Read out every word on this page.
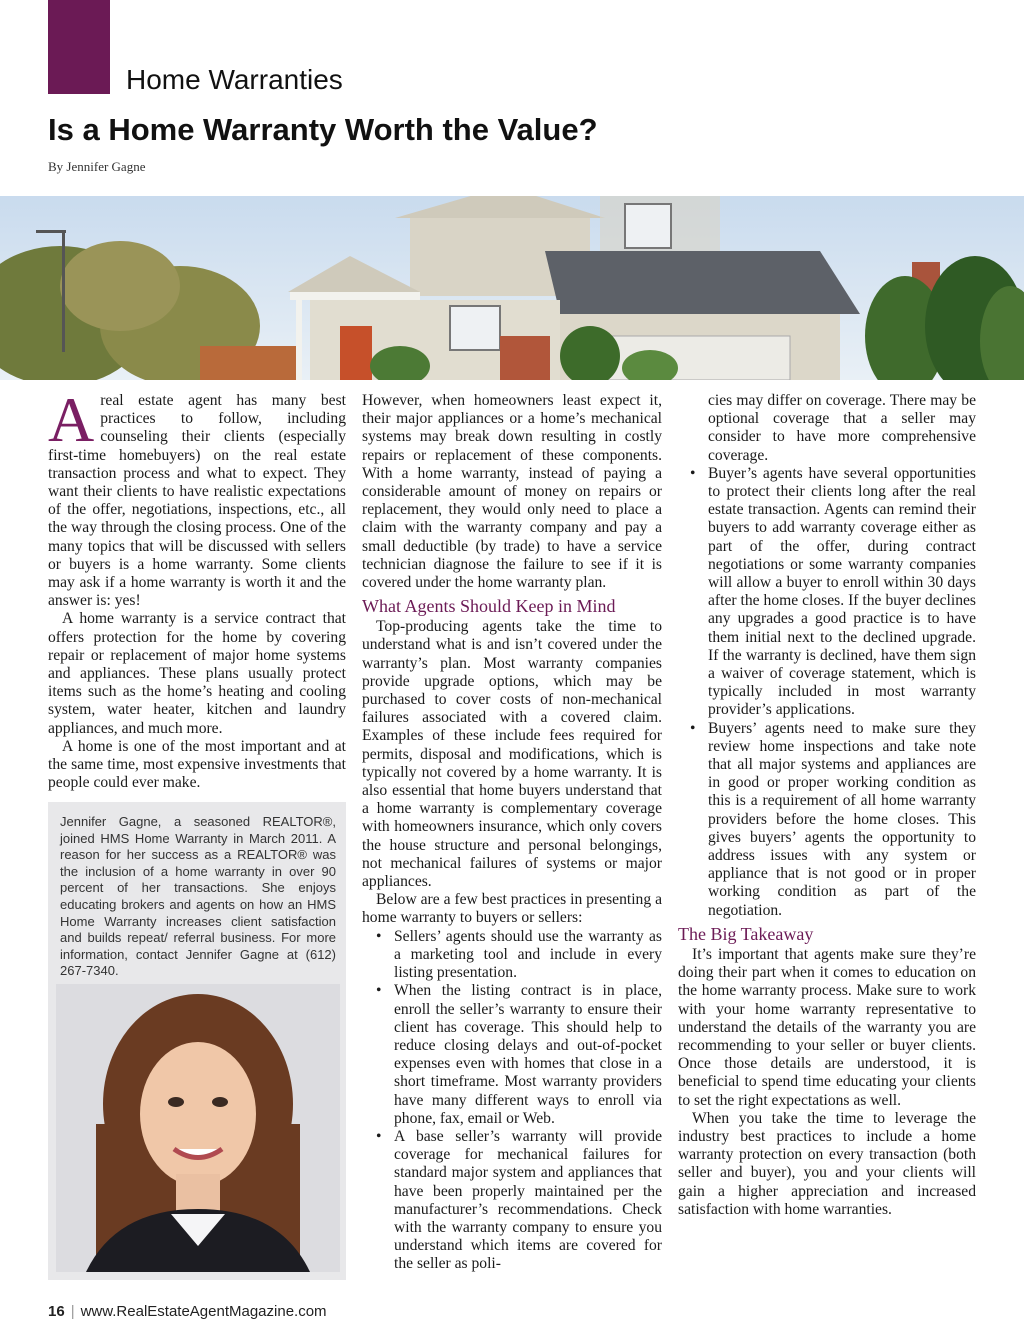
Home Warranties
Is a Home Warranty Worth the Value?
By Jennifer Gagne
A real estate agent has many best practices to follow, including counseling their clients (especially first-time homebuyers) on the real estate transaction process and what to expect. They want their clients to have realistic expectations of the offer, negotiations, inspections, etc., all the way through the closing process. One of the many topics that will be discussed with sellers or buyers is a home warranty. Some clients may ask if a home warranty is worth it and the answer is: yes!

A home warranty is a service contract that offers protection for the home by covering repair or replacement of major home systems and appliances. These plans usually protect items such as the home’s heating and cooling system, water heater, kitchen and laundry appliances, and much more.

A home is one of the most important and at the same time, most expensive investments that people could ever make.

Jennifer Gagne, a seasoned REALTOR®, joined HMS Home Warranty in March 2011. A reason for her success as a REALTOR® was the inclusion of a home warranty in over 90 percent of her transactions. She enjoys educating brokers and agents on how an HMS Home Warranty increases client satisfaction and builds repeat/ referral business. For more information, contact Jennifer Gagne at (612) 267-7340.

However, when homeowners least expect it, their major appliances or a home’s mechanical systems may break down resulting in costly repairs or replacement of these components. With a home warranty, instead of paying a considerable amount of money on repairs or replacement, they would only need to place a claim with the warranty company and pay a small deductible (by trade) to have a service technician diagnose the failure to see if it is covered under the home warranty plan.

What Agents Should Keep in Mind

Top-producing agents take the time to understand what is and isn’t covered under the warranty’s plan. Most warranty companies provide upgrade options, which may be purchased to cover costs of non-mechanical failures associated with a covered claim. Examples of these include fees required for permits, disposal and modifications, which is typically not covered by a home warranty. It is also essential that home buyers understand that a home warranty is complementary coverage with homeowners insurance, which only covers the house structure and personal belongings, not mechanical failures of systems or major appliances.

Below are a few best practices in presenting a home warranty to buyers or sellers:

• Sellers’ agents should use the warranty as a marketing tool and include in every listing presentation.
• When the listing contract is in place, enroll the seller’s warranty to ensure their client has coverage. This should help to reduce closing delays and out-of-pocket expenses even with homes that close in a short timeframe. Most warranty providers have many different ways to enroll via phone, fax, email or Web.
• A base seller’s warranty will provide coverage for mechanical failures for standard major system and appliances that have been properly maintained per the manufacturer’s recommendations. Check with the warranty company to ensure you understand which items are covered for the seller as poli-
cies may differ on coverage. There may be optional coverage that a seller may consider to have more comprehensive coverage.
• Buyer’s agents have several opportunities to protect their clients long after the real estate transaction. Agents can remind their buyers to add warranty coverage either as part of the offer, during contract negotiations or some warranty companies will allow a buyer to enroll within 30 days after the home closes. If the buyer declines any upgrades a good practice is to have them initial next to the declined upgrade. If the warranty is declined, have them sign a waiver of coverage statement, which is typically included in most warranty provider’s applications.
• Buyers’ agents need to make sure they review home inspections and take note that all major systems and appliances are in good or proper working condition as this is a requirement of all home warranty providers before the home closes. This gives buyers’ agents the opportunity to address issues with any system or appliance that is not good or in proper working condition as part of the negotiation.
The Big Takeaway

It’s important that agents make sure they’re doing their part when it comes to education on the home warranty process. Make sure to work with your home warranty representative to understand the details of the warranty you are recommending to your seller or buyer clients. Once those details are understood, it is beneficial to spend time educating your clients to set the right expectations as well.

When you take the time to leverage the industry best practices to include a home warranty protection on every transaction (both seller and buyer), you and your clients will gain a higher appreciation and increased satisfaction with home warranties.

16 | www.RealEstateAgentMagazine.com
